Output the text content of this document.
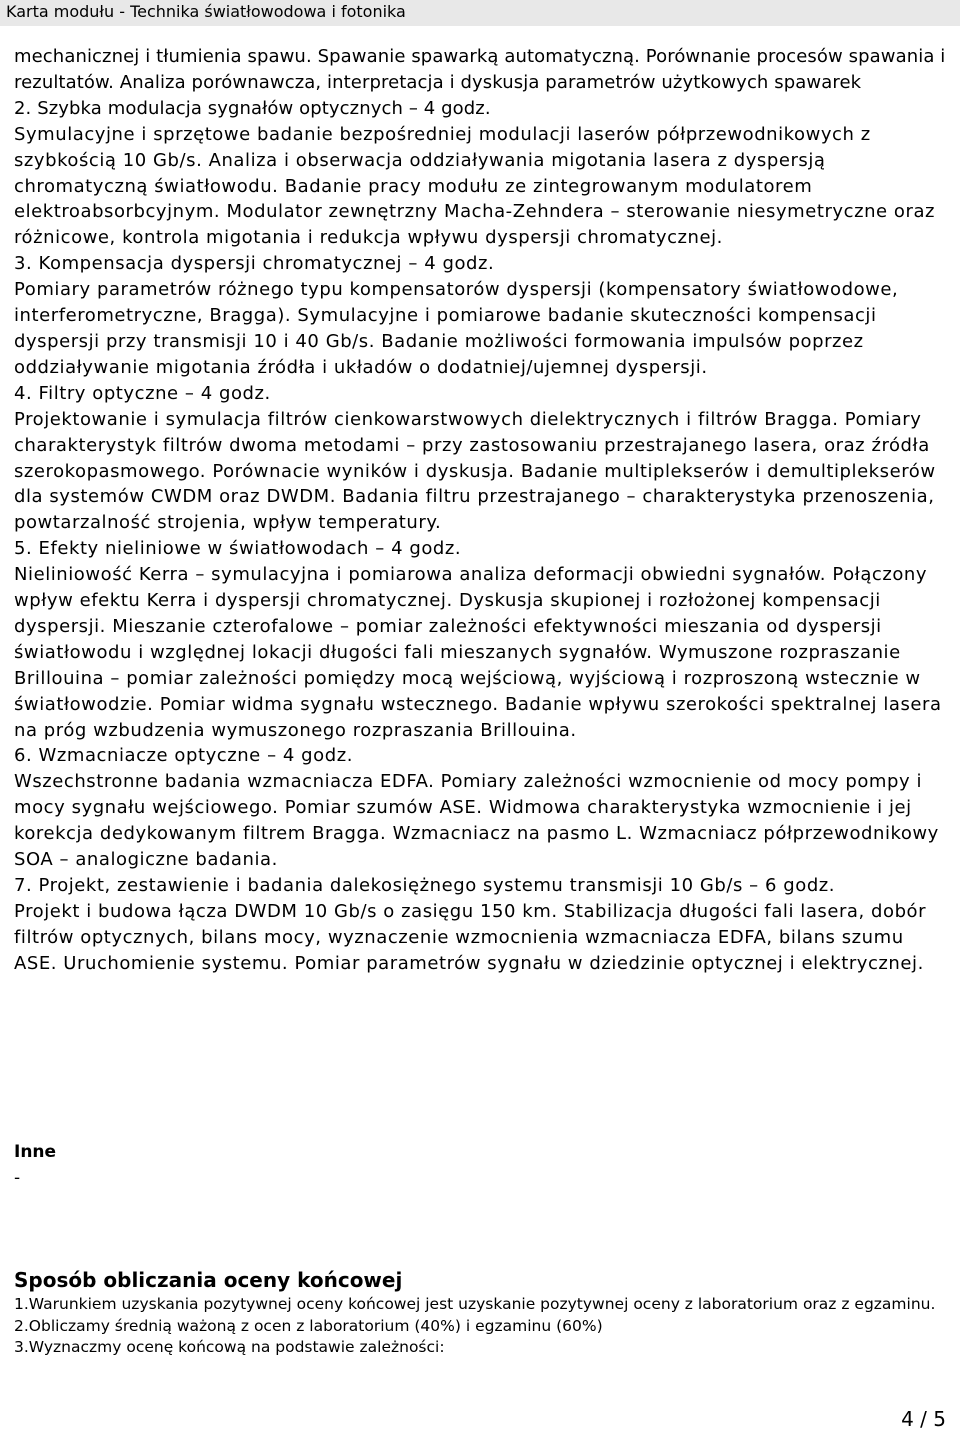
Karta modułu - Technika światłowodowa i fotonika

mechanicznej i tłumienia spawu. Spawanie spawarką automatyczną. Porównanie procesów spawania i rezultatów. Analiza porównawcza, interpretacja i dyskusja parametrów użytkowych spawarek

2. Szybka modulacja sygnałów optycznych – 4 godz.

Symulacyjne i sprzętowe badanie bezpośredniej modulacji laserów półprzewodnikowych z szybkością 10 Gb/s. Analiza i obserwacja oddziaływania migotania lasera z dyspersją chromatyczną światłowodu. Badanie pracy modułu ze zintegrowanym modulatorem elektroabsorbcyjnym. Modulator zewnętrzny Macha-Zehndera – sterowanie niesymetryczne oraz różnicowe, kontrola migotania i redukcja wpływu dyspersji chromatycznej.

3. Kompensacja dyspersji chromatycznej – 4 godz.

Pomiary parametrów różnego typu kompensatorów dyspersji (kompensatory światłowodowe, interferometryczne, Bragga). Symulacyjne i pomiarowe badanie skuteczności kompensacji dyspersji przy transmisji 10 i 40 Gb/s. Badanie możliwości formowania impulsów poprzez oddziaływanie migotania źródła i układów o dodatniej/ujemnej dyspersji.

4. Filtry optyczne – 4 godz.

Projektowanie i symulacja filtrów cienkowarstwowych dielektrycznych i filtrów Bragga. Pomiary charakterystyk filtrów dwoma metodami – przy zastosowaniu przestrajanego lasera, oraz źródła szerokopasmowego. Porównacie wyników i dyskusja. Badanie multiplekserów i demultiplekserów dla systemów CWDM oraz DWDM. Badania filtru przestrajanego – charakterystyka przenoszenia, powtarzalność strojenia, wpływ temperatury.

5. Efekty nieliniowe w światłowodach – 4 godz.

Nieliniowość Kerra – symulacyjna i pomiarowa analiza deformacji obwiedni sygnałów. Połączony wpływ efektu Kerra i dyspersji chromatycznej. Dyskusja skupionej i rozłożonej kompensacji dyspersji. Mieszanie czterofalowe – pomiar zależności efektywności mieszania od dyspersji światłowodu i względnej lokacji długości fali mieszanych sygnałów. Wymuszone rozpraszanie Brillouina – pomiar zależności pomiędzy mocą wejściową, wyjściową i rozproszoną wstecznie w światłowodzie. Pomiar widma sygnału wstecznego. Badanie wpływu szerokości spektralnej lasera na próg wzbudzenia wymuszonego rozpraszania Brillouina.

6. Wzmacniacze optyczne – 4 godz.

Wszechstronne badania wzmacniacza EDFA. Pomiary zależności wzmocnienie od mocy pompy i mocy sygnału wejściowego. Pomiar szumów ASE. Widmowa charakterystyka wzmocnienie i jej korekcja dedykowanym filtrem Bragga. Wzmacniacz na pasmo L. Wzmacniacz półprzewodnikowy SOA – analogiczne badania.

7. Projekt, zestawienie i badania dalekosiężnego systemu transmisji 10 Gb/s – 6 godz.

Projekt i budowa łącza DWDM 10 Gb/s o zasięgu 150 km. Stabilizacja długości fali lasera, dobór filtrów optycznych, bilans mocy, wyznaczenie wzmocnienia wzmacniacza EDFA, bilans szumu ASE. Uruchomienie systemu. Pomiar parametrów sygnału w dziedzinie optycznej i elektrycznej.

Inne

-

Sposób obliczania oceny końcowej

1.Warunkiem uzyskania pozytywnej oceny końcowej jest uzyskanie pozytywnej oceny z laboratorium oraz z egzaminu.

2.Obliczamy średnią ważoną z ocen z laboratorium (40%) i egzaminu (60%)

3.Wyznaczmy ocenę końcową na podstawie zależności:

4 / 5
